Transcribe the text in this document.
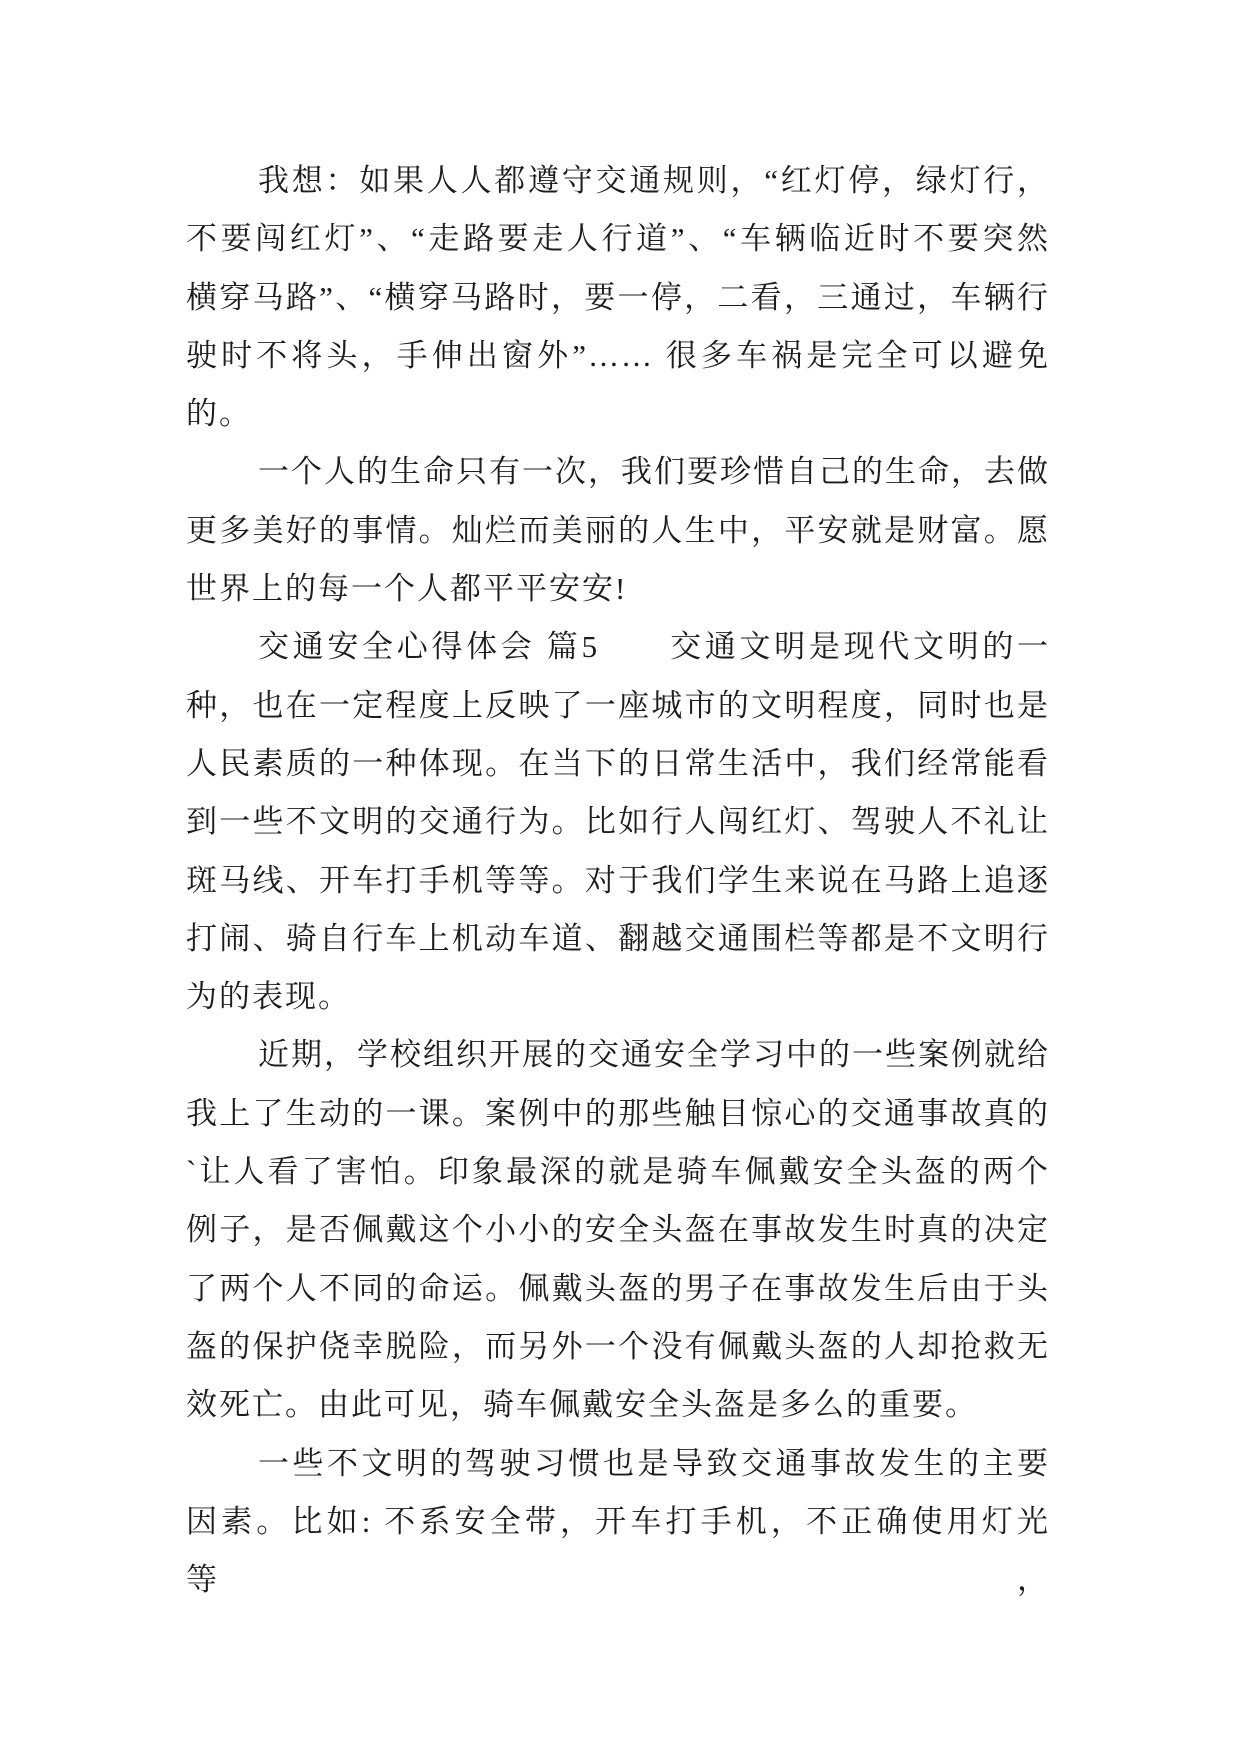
我想：如果人人都遵守交通规则，“红灯停，绿灯行，
不要闯红灯”、“走路要走人行道”、“车辆临近时不要突然
横穿马路”、“横穿马路时，要一停，二看，三通过，车辆行
驶时不将头，手伸出窗外”…… 很多车祸是完全可以避免
的。
一个人的生命只有一次，我们要珍惜自己的生命，去做
更多美好的事情。灿烂而美丽的人生中，平安就是财富。愿
世界上的每一个人都平平安安!
交通安全心得体会 篇5　　交通文明是现代文明的一
种，也在一定程度上反映了一座城市的文明程度，同时也是
人民素质的一种体现。在当下的日常生活中，我们经常能看
到一些不文明的交通行为。比如行人闯红灯、驾驶人不礼让
斑马线、开车打手机等等。对于我们学生来说在马路上追逐
打闹、骑自行车上机动车道、翻越交通围栏等都是不文明行
为的表现。
近期，学校组织开展的交通安全学习中的一些案例就给
我上了生动的一课。案例中的那些触目惊心的交通事故真的
`让人看了害怕。印象最深的就是骑车佩戴安全头盔的两个
例子，是否佩戴这个小小的安全头盔在事故发生时真的决定
了两个人不同的命运。佩戴头盔的男子在事故发生后由于头
盔的保护侥幸脱险，而另外一个没有佩戴头盔的人却抢救无
效死亡。由此可见，骑车佩戴安全头盔是多么的重要。
一些不文明的驾驶习惯也是导致交通事故发生的主要
因素。比如: 不系安全带，开车打手机，不正确使用灯光等，
